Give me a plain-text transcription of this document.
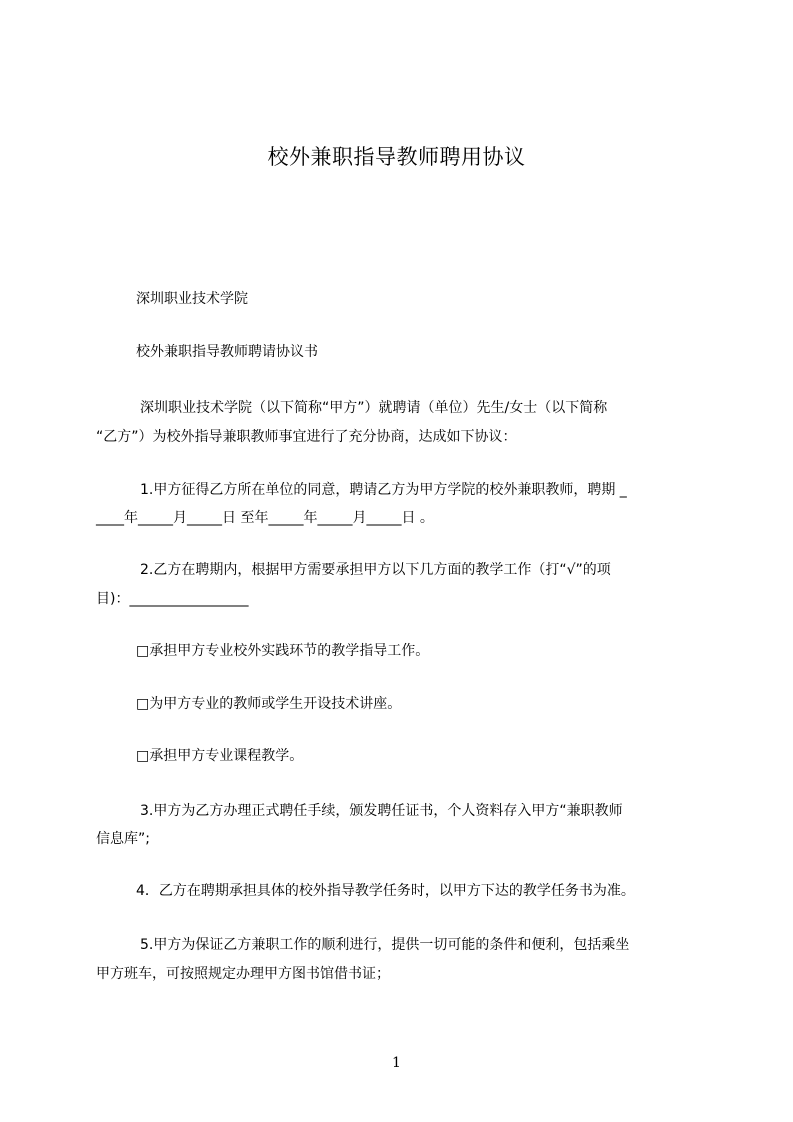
校外兼职指导教师聘用协议

深圳职业技术学院

校外兼职指导教师聘请协议书

深圳职业技术学院（以下简称“甲方”）就聘请（单位）先生/女士（以下简称

“乙方”）为校外指导兼职教师事宜进行了充分协商，达成如下协议：

1.甲方征得乙方所在单位的同意，聘请乙方为甲方学院的校外兼职教师，聘期 _

____年_____月_____日 至年_____年_____月_____日 。

2.乙方在聘期内，根据甲方需要承担甲方以下几方面的教学工作（打“√”的项

目)：_________________

□承担甲方专业校外实践环节的教学指导工作。

□为甲方专业的教师或学生开设技术讲座。

□承担甲方专业课程教学。

3.甲方为乙方办理正式聘任手续，颁发聘任证书，个人资料存入甲方“兼职教师

信息库”;

4．乙方在聘期承担具体的校外指导教学任务时，以甲方下达的教学任务书为准。

5.甲方为保证乙方兼职工作的顺利进行，提供一切可能的条件和便利，包括乘坐

甲方班车，可按照规定办理甲方图书馆借书证；

1
